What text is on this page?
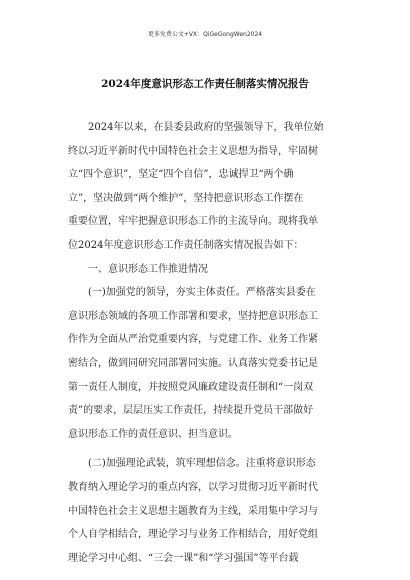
更多免费公文+VX：QiGeGongWen2024
2024年度意识形态工作责任制落实情况报告
　　2024年以来，在县委县政府的坚强领导下，我单位始
终以习近平新时代中国特色社会主义思想为指导，牢固树
立“四个意识”，坚定“四个自信”，忠诚捍卫“两个确
立”，坚决做到“两个维护”，坚持把意识形态工作摆在
重要位置，牢牢把握意识形态工作的主流导向。现将我单
位2024年度意识形态工作责任制落实情况报告如下：
　　一、意识形态工作推进情况
　　(一)加强党的领导，夯实主体责任。严格落实县委在
意识形态领域的各项工作部署和要求，坚持把意识形态工
作作为全面从严治党重要内容，与党建工作、业务工作紧
密结合，做到同研究同部署同实施。认真落实党委书记是
第一责任人制度，并按照党风廉政建设责任制和“一岗双
责”的要求，层层压实工作责任，持续提升党员干部做好
意识形态工作的责任意识、担当意识。
　　(二)加强理论武装，筑牢理想信念。注重将意识形态
教育纳入理论学习的重点内容，以学习贯彻习近平新时代
中国特色社会主义思想主题教育为主线，采用集中学习与
个人自学相结合，理论学习与业务工作相结合，用好党组
理论学习中心组、“三会一课”和“学习强国”等平台载
